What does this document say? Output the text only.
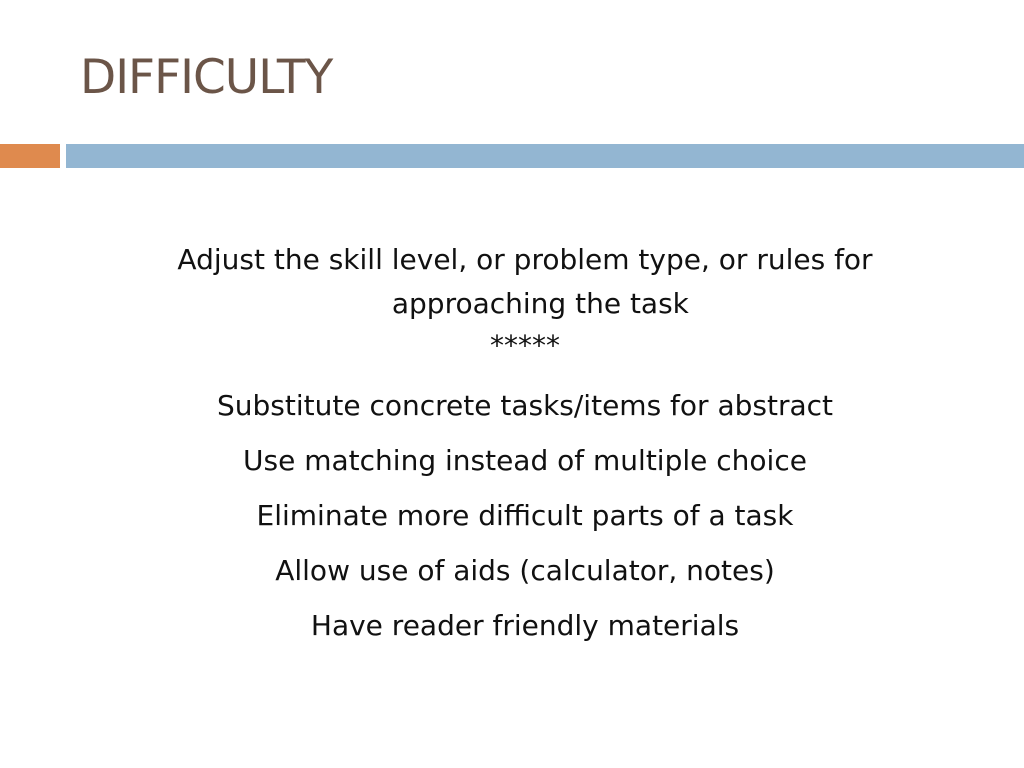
DIFFICULTY
Adjust the skill level, or problem type, or rules for approaching the task
*****
Substitute concrete tasks/items for abstract
Use matching instead of multiple choice
Eliminate more difficult parts of a task
Allow use of aids (calculator, notes)
Have reader friendly materials
